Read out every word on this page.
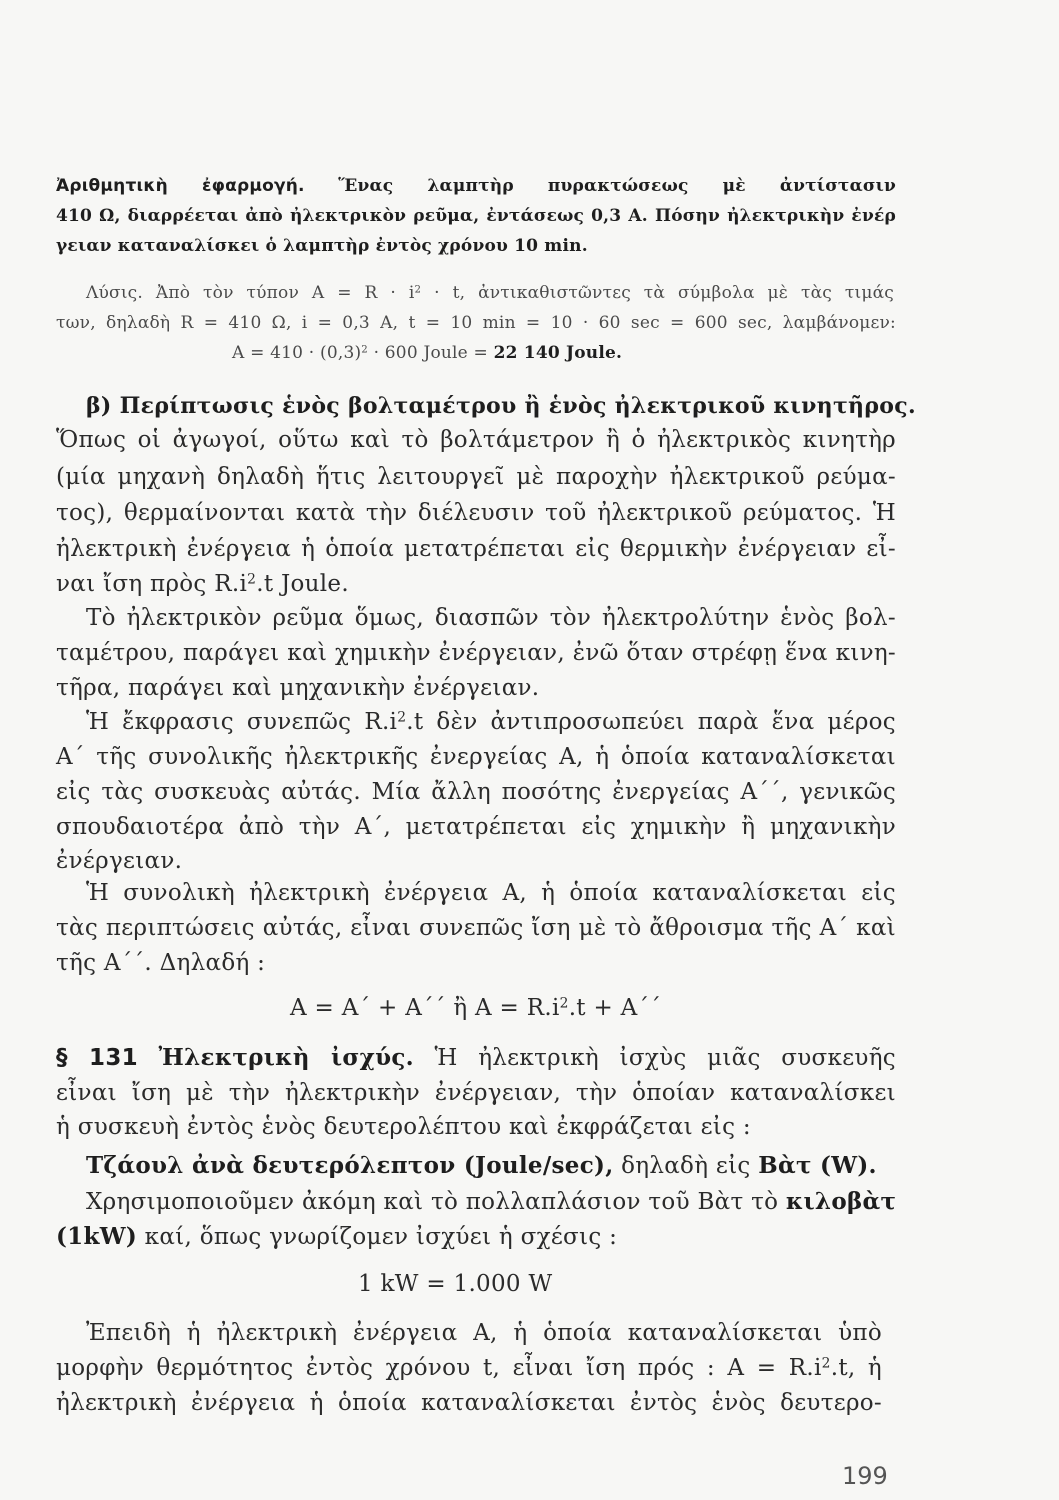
Ἀριθμητικὴ ἐφαρμογή. Ἕνας λαμπτὴρ πυρακτώσεως μὲ ἀντίστασιν
410 Ω, διαρρέεται ἀπὸ ἠλεκτρικὸν ρεῦμα, ἐντάσεως 0,3 A. Πόσην ἠλεκτρικὴν ἐνέρ
γειαν καταναλίσκει ὁ λαμπτὴρ ἐντὸς χρόνου 10 min.
Λύσις. Ἀπὸ τὸν τύπον $A = R \cdot i^2 \cdot t$, ἀντικαθιστῶντες τὰ σύμβολα μὲ τὰς τιμάς
των, δηλαδὴ R = 410 Ω, i = 0,3 A, t = 10 min = 10 · 60 sec = 600 sec, λαμβάνομεν:
$A = 410 \cdot (0,3)^2 \cdot 600$ Joule = 22 140 Joule.
β) Περίπτωσις ἑνὸς βολταμέτρου ἢ ἑνὸς ἠλεκτρικοῦ κινητῆρος.
Ὅπως οἱ ἀγωγοί, οὕτω καὶ τὸ βολτάμετρον ἢ ὁ ἠλεκτρικὸς κινητὴρ
(μία μηχανὴ δηλαδὴ ἥτις λειτουργεῖ μὲ παροχὴν ἠλεκτρικοῦ ρεύμα-
τος), θερμαίνονται κατὰ τὴν διέλευσιν τοῦ ἠλεκτρικοῦ ρεύματος. Ἡ
ἠλεκτρικὴ ἐνέργεια ἡ ὁποία μετατρέπεται εἰς θερμικὴν ἐνέργειαν εἶ-
ναι ἴση πρὸς $R.i^2.t$ Joule.
Τὸ ἠλεκτρικὸν ρεῦμα ὅμως, διασπῶν τὸν ἠλεκτρολύτην ἑνὸς βολ-
ταμέτρου, παράγει καὶ χημικὴν ἐνέργειαν, ἐνῶ ὅταν στρέφῃ ἕνα κινη-
τῆρα, παράγει καὶ μηχανικὴν ἐνέργειαν.
Ἡ ἔκφρασις συνεπῶς $R.i^2.t$ δὲν ἀντιπροσωπεύει παρὰ ἕνα μέρος
A΄ τῆς συνολικῆς ἠλεκτρικῆς ἐνεργείας A, ἡ ὁποία καταναλίσκεται
εἰς τὰς συσκευὰς αὐτάς. Μία ἄλλη ποσότης ἐνεργείας A΄΄, γενικῶς
σπουδαιοτέρα ἀπὸ τὴν A΄, μετατρέπεται εἰς χημικὴν ἢ μηχανικὴν
ἐνέργειαν.
Ἡ συνολικὴ ἠλεκτρικὴ ἐνέργεια A, ἡ ὁποία καταναλίσκεται εἰς
τὰς περιπτώσεις αὐτάς, εἶναι συνεπῶς ἴση μὲ τὸ ἄθροισμα τῆς A΄ καὶ
τῆς A΄΄. Δηλαδή :
A = A΄ + A΄΄ ἢ $A = R.i^2.t + A΄΄$
§ 131 Ἠλεκτρικὴ ἰσχύς. Ἡ ἠλεκτρικὴ ἰσχὺς μιᾶς συσκευῆς
εἶναι ἴση μὲ τὴν ἠλεκτρικὴν ἐνέργειαν, τὴν ὁποίαν καταναλίσκει
ἡ συσκευὴ ἐντὸς ἑνὸς δευτερολέπτου καὶ ἐκφράζεται εἰς :
Τζάουλ ἀνὰ δευτερόλεπτον (Joule/sec), δηλαδὴ εἰς Βὰτ (W).
Χρησιμοποιοῦμεν ἀκόμη καὶ τὸ πολλαπλάσιον τοῦ Βὰτ τὸ κιλοβὰτ
(1kW) καί, ὅπως γνωρίζομεν ἰσχύει ἡ σχέσις :
1 kW = 1.000 W
Ἐπειδὴ ἡ ἠλεκτρικὴ ἐνέργεια A, ἡ ὁποία καταναλίσκεται ὑπὸ
μορφὴν θερμότητος ἐντὸς χρόνου t, εἶναι ἴση πρός : $A = R.i^2.t$, ἡ
ἠλεκτρικὴ ἐνέργεια ἡ ὁποία καταναλίσκεται ἐντὸς ἑνὸς δευτερο-
199
